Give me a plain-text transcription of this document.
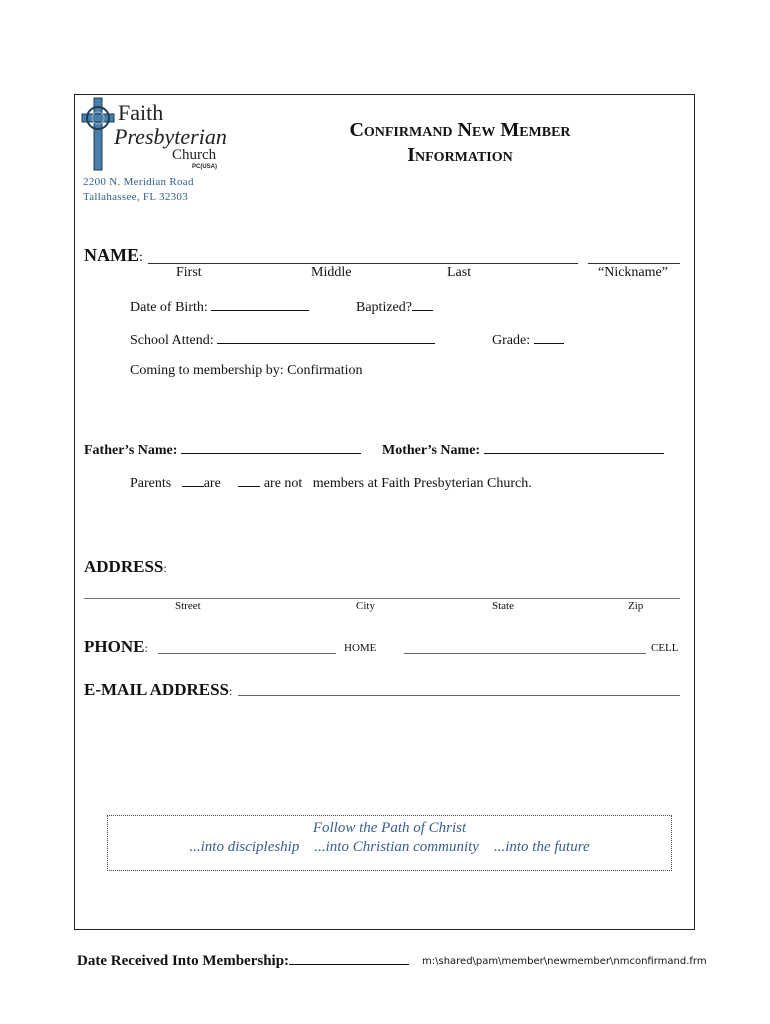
Faith
Presbyterian
Church
PC(USA)
2200 N. Meridian Road
Tallahassee, FL 32303
Confirmand New Member
Information
NAME:
First	Middle	Last	“Nickname”
Date of Birth:	Baptized?
School Attend:	Grade:
Coming to membership by: Confirmation
Father’s Name:	Mother’s Name:
Parents are	are not members at Faith Presbyterian Church.
ADDRESS:
Street	City	State	Zip
PHONE:	HOME	CELL
E-MAIL ADDRESS:
Follow the Path of Christ
...into discipleship ...into Christian community ...into the future
Date Received Into Membership:	m:\shared\pam\member\newmember\nmconfirmand.frm
